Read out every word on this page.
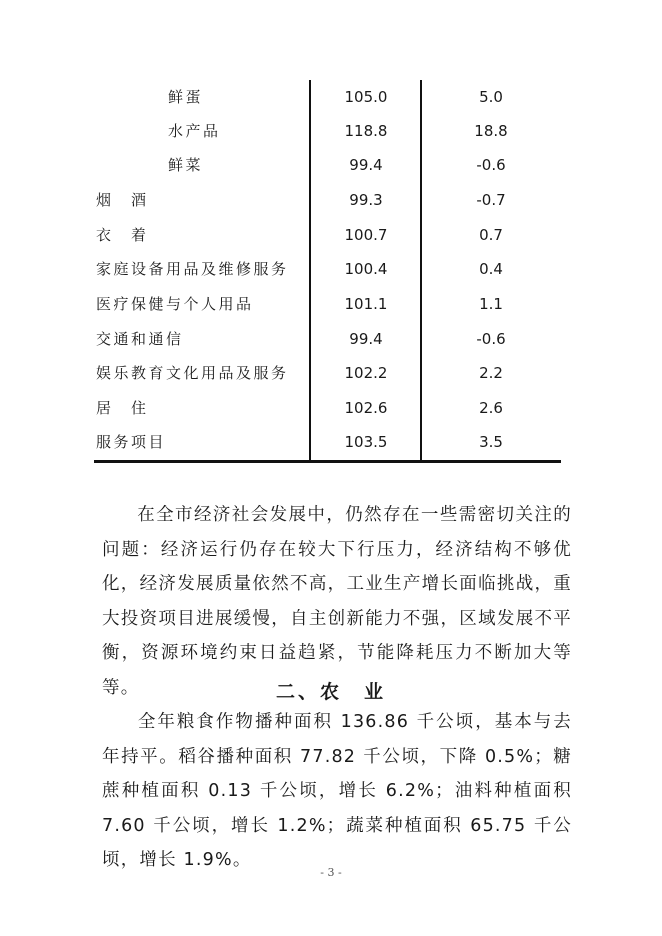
鲜蛋	105.0	5.0
水产品	118.8	18.8
鲜菜	99.4	-0.6
烟　酒	99.3	-0.7
衣　着	100.7	0.7
家庭设备用品及维修服务	100.4	0.4
医疗保健与个人用品	101.1	1.1
交通和通信	99.4	-0.6
娱乐教育文化用品及服务	102.2	2.2
居　住	102.6	2.6
服务项目	103.5	3.5
在全市经济社会发展中，仍然存在一些需密切关注的问题：经济运行仍存在较大下行压力，经济结构不够优化，经济发展质量依然不高，工业生产增长面临挑战，重大投资项目进展缓慢，自主创新能力不强，区域发展不平衡，资源环境约束日益趋紧，节能降耗压力不断加大等等。	二、农　业
全年粮食作物播种面积 136.86 千公顷，基本与去年持平。稻谷播种面积 77.82 千公顷，下降 0.5%；糖蔗种植面积 0.13 千公顷，增长 6.2%；油料种植面积 7.60 千公顷，增长 1.2%；蔬菜种植面积 65.75 千公顷，增长 1.9%。
- 3 -
